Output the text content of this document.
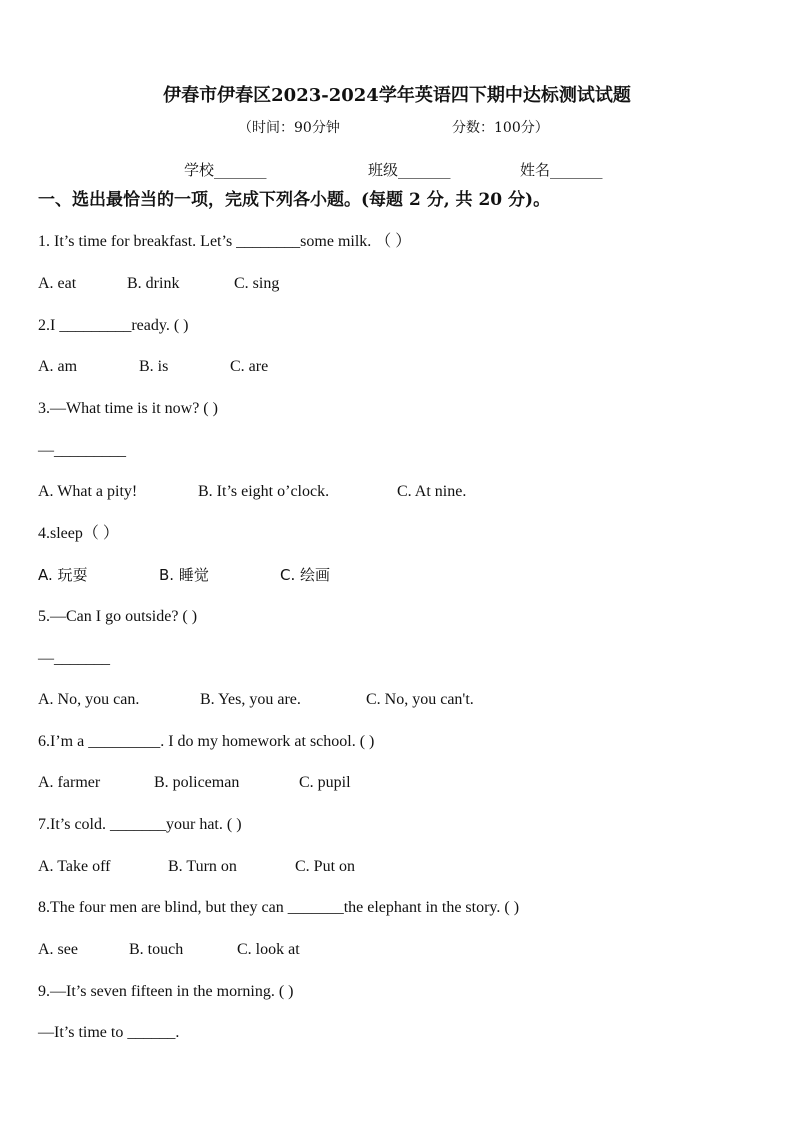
伊春市伊春区2023-2024学年英语四下期中达标测试试题
（时间：90分钟	分数：100分）
学校_______	班级_______	姓名_______
一、选出最恰当的一项，完成下列各小题。(每题 2 分, 共 20 分)。
1. It’s time for breakfast. Let’s ________some milk. （ ）
A. eat	B. drink	C. sing
2.I _________ready. ( )
A. am	B. is	C. are
3.—What time is it now? ( )
—_________
A. What a pity!	B. It’s eight o’clock.	C. At nine.
4.sleep（ ）
A. 玩耍	B. 睡觉	C. 绘画
5.—Can I go outside? ( )
—_______
A. No, you can.	B. Yes, you are.	C. No, you can't.
6.I’m a _________. I do my homework at school. ( )
A. farmer	B. policeman	C. pupil
7.It’s cold. _______your hat. ( )
A. Take off	B. Turn on	C. Put on
8.The four men are blind, but they can _______the elephant in the story. ( )
A. see	B. touch	C. look at
9.—It’s seven fifteen in the morning. ( )
—It’s time to ______.
